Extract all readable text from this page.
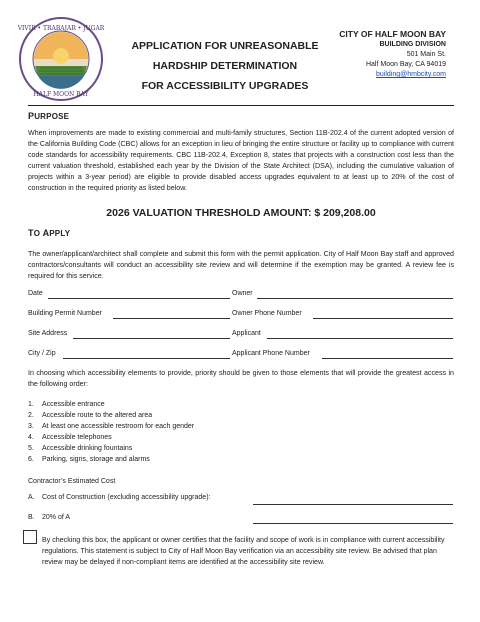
VIVIR • TRABAJAR • JUGAR
HALF MOON BAY
APPLICATION FOR UNREASONABLE
HARDSHIP DETERMINATION
FOR ACCESSIBILITY UPGRADES
CITY OF HALF MOON BAY
BUILDING DIVISION
501 Main St.
Half Moon Bay, CA 94019
building@hmbcity.com
PURPOSE
When improvements are made to existing commercial and multi-family structures, Section 11B-202.4 of the current adopted version of the California Building Code (CBC) allows for an exception in lieu of bringing the entire structure or facility up to compliance with current code standards for accessibility requirements. CBC 11B-202.4, Exception 8, states that projects with a construction cost less than the current valuation threshold, established each year by the Division of the State Architect (DSA), including the cumulative valuation of projects within a 3-year period) are eligible to provide disabled access upgrades equivalent to at least up to 20% of the cost of construction in the required priority as listed below.
2026 VALUATION THRESHOLD AMOUNT: $ 209,208.00
TO APPLY
The owner/applicant/architect shall complete and submit this form with the permit application. City of Half Moon Bay staff and approved contractors/consultants will conduct an accessibility site review and will determine if the exemption may be granted. A review fee is required for this service.
Date	Owner
Building Permit Number	Owner Phone Number
Site Address	Applicant
City / Zip	Applicant Phone Number
In choosing which accessibility elements to provide, priority should be given to those elements that will provide the greatest access in the following order:
1. Accessible entrance
2. Accessible route to the altered area
3. At least one accessible restroom for each gender
4. Accessible telephones
5. Accessible drinking fountains
6. Parking, signs, storage and alarms
Contractor’s Estimated Cost
A. Cost of Construction (excluding accessibility upgrade):
B. 20% of A
By checking this box, the applicant or owner certifies that the facility and scope of work is in compliance with current accessibility regulations. This statement is subject to City of Half Moon Bay verification via an accessibility site review. Be advised that plan review may be delayed if non-compliant items are identified at the accessibility site review.
